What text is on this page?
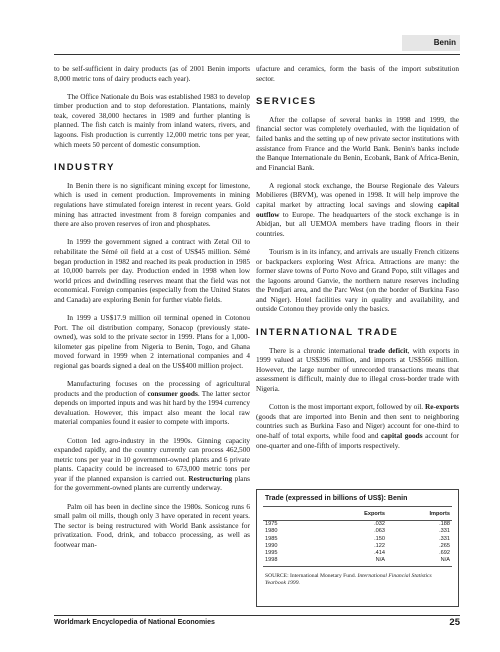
Benin

to be self-sufficient in dairy products (as of 2001 Benin imports 8,000 metric tons of dairy products each year).

The Office Nationale du Bois was established 1983 to develop timber production and to stop deforestation. Plantations, mainly teak, covered 38,000 hectares in 1989 and further planting is planned. The fish catch is mainly from inland waters, rivers, and lagoons. Fish production is currently 12,000 metric tons per year, which meets 50 percent of domestic consumption.

INDUSTRY

In Benin there is no significant mining except for limestone, which is used in cement production. Improvements in mining regulations have stimulated foreign interest in recent years. Gold mining has attracted investment from 8 foreign companies and there are also proven reserves of iron and phosphates.

In 1999 the government signed a contract with Zetal Oil to rehabilitate the Sémé oil field at a cost of US$45 million. Sémé began production in 1982 and reached its peak production in 1985 at 10,000 barrels per day. Production ended in 1998 when low world prices and dwindling reserves meant that the field was not economical. Foreign companies (especially from the United States and Canada) are exploring Benin for further viable fields.

In 1999 a US$17.9 million oil terminal opened in Cotonou Port. The oil distribution company, Sonacop (previously state-owned), was sold to the private sector in 1999. Plans for a 1,000-kilometer gas pipeline from Nigeria to Benin, Togo, and Ghana moved forward in 1999 when 2 international companies and 4 regional gas boards signed a deal on the US$400 million project.

Manufacturing focuses on the processing of agricultural products and the production of consumer goods. The latter sector depends on imported inputs and was hit hard by the 1994 currency devaluation. However, this impact also meant the local raw material companies found it easier to compete with imports.

Cotton led agro-industry in the 1990s. Ginning capacity expanded rapidly, and the country currently can process 462,500 metric tons per year in 10 government-owned plants and 6 private plants. Capacity could be increased to 673,000 metric tons per year if the planned expansion is carried out. Restructuring plans for the government-owned plants are currently underway.

Palm oil has been in decline since the 1980s. Sonicog runs 6 small palm oil mills, though only 3 have operated in recent years. The sector is being restructured with World Bank assistance for privatization. Food, drink, and tobacco processing, as well as footwear man-

ufacture and ceramics, form the basis of the import substitution sector.

SERVICES

After the collapse of several banks in 1998 and 1999, the financial sector was completely overhauled, with the liquidation of failed banks and the setting up of new private sector institutions with assistance from France and the World Bank. Benin's banks include the Banque Internationale du Benin, Ecobank, Bank of Africa-Benin, and Financial Bank.

A regional stock exchange, the Bourse Regionale des Valeurs Mobilieres (BRVM), was opened in 1998. It will help improve the capital market by attracting local savings and slowing capital outflow to Europe. The headquarters of the stock exchange is in Abidjan, but all UEMOA members have trading floors in their countries.

Tourism is in its infancy, and arrivals are usually French citizens or backpackers exploring West Africa. Attractions are many: the former slave towns of Porto Novo and Grand Popo, stilt villages and the lagoons around Ganvie, the northern nature reserves including the Pendjari area, and the Parc West (on the border of Burkina Faso and Niger). Hotel facilities vary in quality and availability, and outside Cotonou they provide only the basics.

INTERNATIONAL TRADE

There is a chronic international trade deficit, with exports in 1999 valued at US$396 million, and imports at US$566 million. However, the large number of unrecorded transactions means that assessment is difficult, mainly due to illegal cross-border trade with Nigeria.

Cotton is the most important export, followed by oil. Re-exports (goods that are imported into Benin and then sent to neighboring countries such as Burkina Faso and Niger) account for one-third to one-half of total exports, while food and capital goods account for one-quarter and one-fifth of imports respectively.

Trade (expressed in billions of US$): Benin
Exports	Imports
1975	.032	.188
1980	.063	.331
1985	.150	.331
1990	.122	.265
1995	.414	.692
1998	N/A	N/A
SOURCE: International Monetary Fund. International Financial Statistics Yearbook 1999.
Worldmark Encyclopedia of National Economies	25
